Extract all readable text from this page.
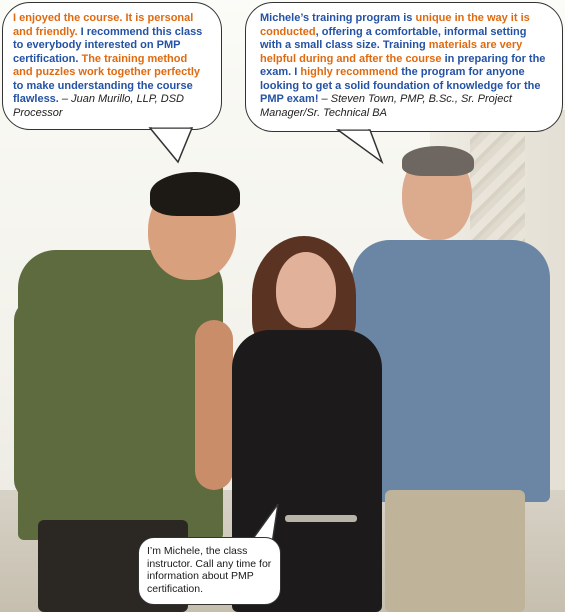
I enjoyed the course. It is personal and friendly. I recommend this class to everybody interested on PMP certification. The training method and puzzles work together perfectly to make understanding the course flawless. – Juan Murillo, LLP, DSD Processor

Michele’s training program is unique in the way it is conducted, offering a comfortable, informal setting with a small class size. Training materials are very helpful during and after the course in preparing for the exam. I highly recommend the program for anyone looking to get a solid foundation of knowledge for the PMP exam! – Steven Town, PMP, B.Sc., Sr. Project Manager/Sr. Technical BA

I’m Michele, the class instructor. Call any time for information about PMP certification.
